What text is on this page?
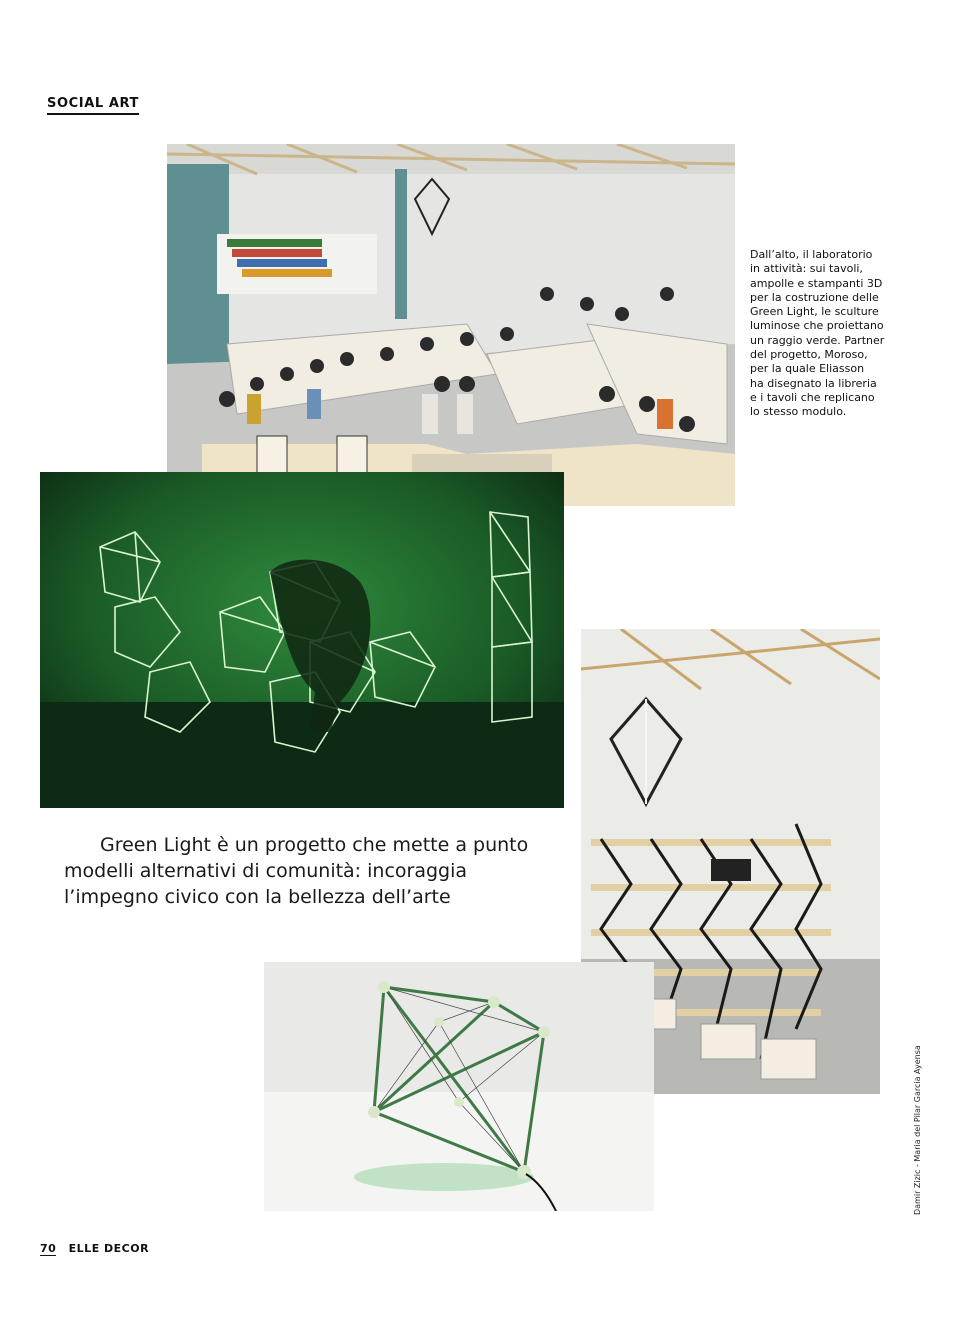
SOCIAL ART
Dall’alto, il laboratorio
in attività: sui tavoli,
ampolle e stampanti 3D
per la costruzione delle
Green Light, le sculture
luminose che proiettano
un raggio verde. Partner
del progetto, Moroso,
per la quale Eliasson
ha disegnato la libreria
e i tavoli che replicano
lo stesso modulo.
Green Light è un progetto che mette a punto
modelli alternativi di comunità: incoraggia
l’impegno civico con la bellezza dell’arte
70 ELLE DECOR
Damir Zizic - Maria del Pilar Garcia Ayensa
